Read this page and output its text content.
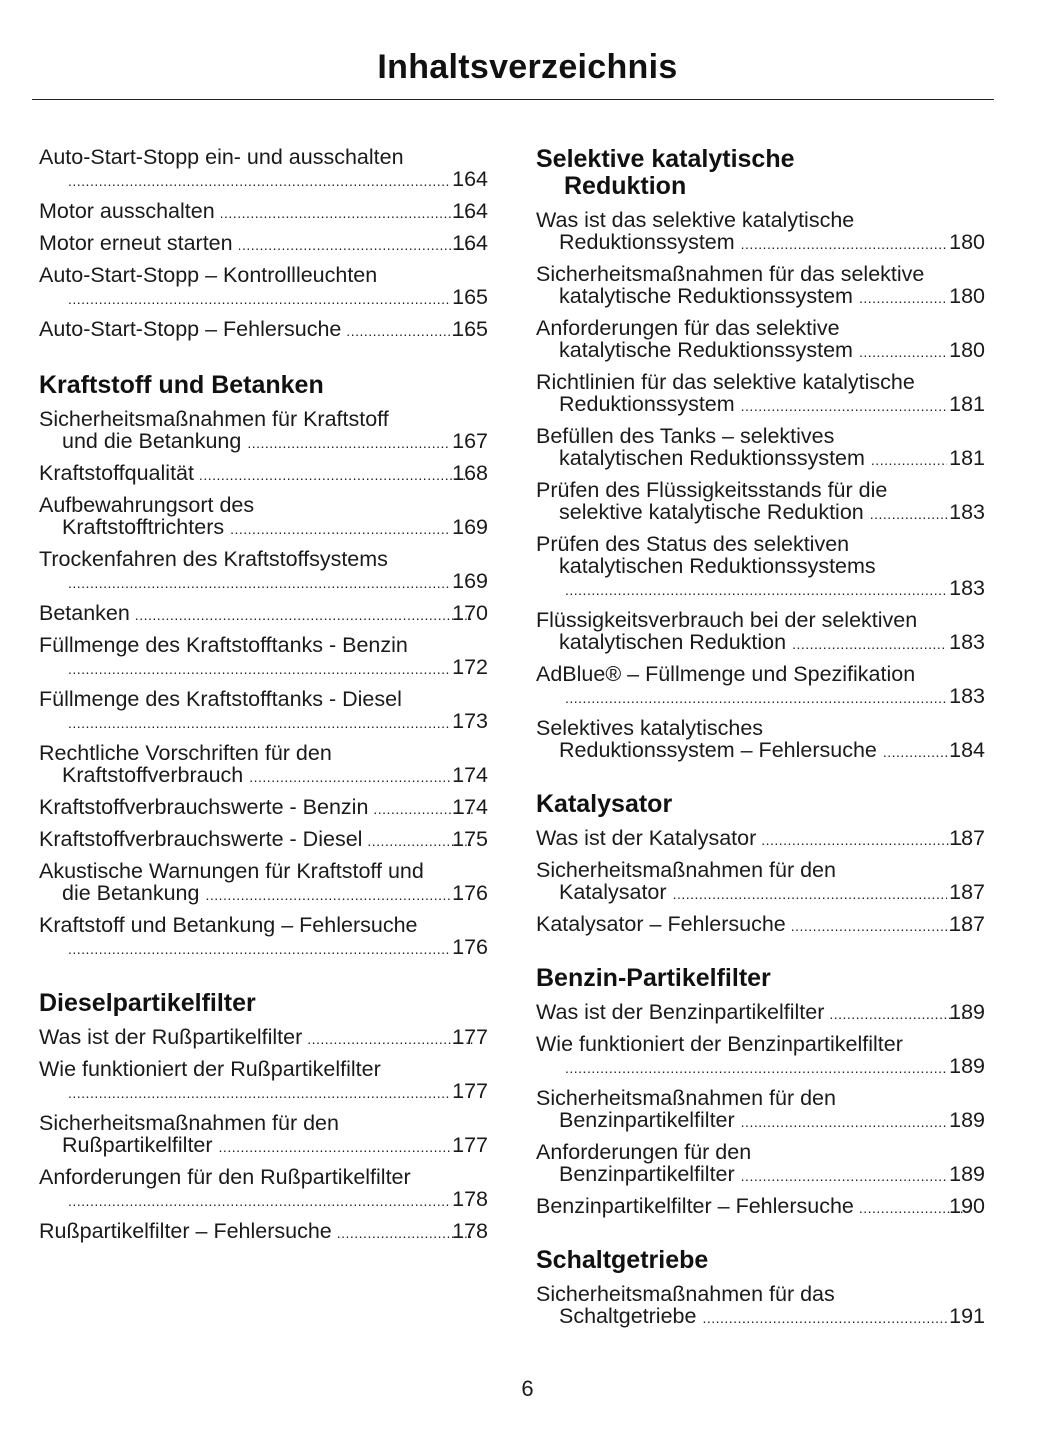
Inhaltsverzeichnis
Auto-Start-Stopp ein- und ausschalten
.....
164
Motor ausschalten .....	164
Motor erneut starten .....	164
Auto-Start-Stopp – Kontrollleuchten
.....
165
Auto-Start-Stopp – Fehlersuche .....	165
Kraftstoff und Betanken
Sicherheitsmaßnahmen für Kraftstoff
und die Betankung .....	167
Kraftstoffqualität .....	168
Aufbewahrungsort des
Kraftstofftrichters .....	169
Trockenfahren des Kraftstoffsystems
.....
169
Betanken .....	170
Füllmenge des Kraftstofftanks - Benzin
.....
172
Füllmenge des Kraftstofftanks - Diesel
.....
173
Rechtliche Vorschriften für den
Kraftstoffverbrauch .....	174
Kraftstoffverbrauchswerte - Benzin .....	174
Kraftstoffverbrauchswerte - Diesel .....	175
Akustische Warnungen für Kraftstoff und
die Betankung .....	176
Kraftstoff und Betankung – Fehlersuche
.....
176
Dieselpartikelfilter
Was ist der Rußpartikelfilter .....	177
Wie funktioniert der Rußpartikelfilter
.....
177
Sicherheitsmaßnahmen für den
Rußpartikelfilter .....	177
Anforderungen für den Rußpartikelfilter
.....
178
Rußpartikelfilter – Fehlersuche .....	178
Selektive katalytische
Reduktion
Was ist das selektive katalytische
Reduktionssystem .....	180
Sicherheitsmaßnahmen für das selektive
katalytische Reduktionssystem .....	180
Anforderungen für das selektive
katalytische Reduktionssystem .....	180
Richtlinien für das selektive katalytische
Reduktionssystem .....	181
Befüllen des Tanks – selektives
katalytischen Reduktionssystem .....	181
Prüfen des Flüssigkeitsstands für die
selektive katalytische Reduktion .....	183
Prüfen des Status des selektiven
katalytischen Reduktionssystems
.....
183
Flüssigkeitsverbrauch bei der selektiven
katalytischen Reduktion .....	183
AdBlue® – Füllmenge und Spezifikation
.....
183
Selektives katalytisches
Reduktionssystem – Fehlersuche .....	184
Katalysator
Was ist der Katalysator .....	187
Sicherheitsmaßnahmen für den
Katalysator .....	187
Katalysator – Fehlersuche .....	187
Benzin-Partikelfilter
Was ist der Benzinpartikelfilter .....	189
Wie funktioniert der Benzinpartikelfilter
.....
189
Sicherheitsmaßnahmen für den
Benzinpartikelfilter .....	189
Anforderungen für den
Benzinpartikelfilter .....	189
Benzinpartikelfilter – Fehlersuche .....	190
Schaltgetriebe
Sicherheitsmaßnahmen für das
Schaltgetriebe .....	191
6
